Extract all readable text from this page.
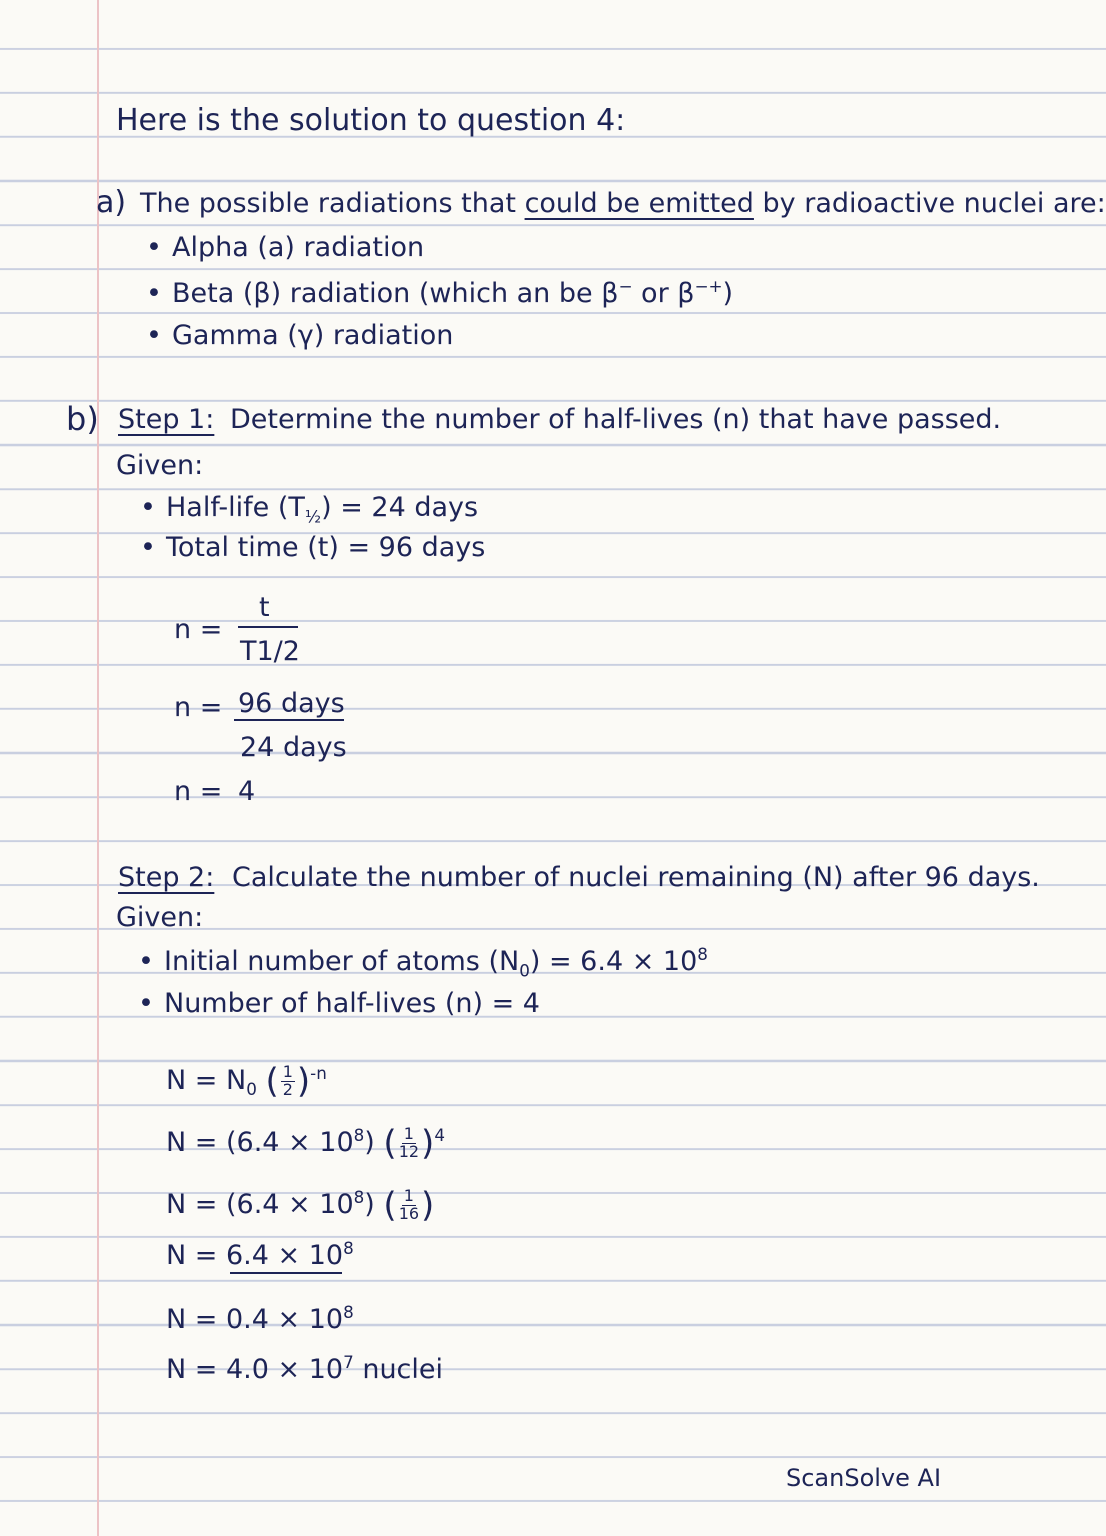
Here is the solution to question 4:
a) The possible radiations that could be emitted by radioactive nuclei are:
• Alpha (a) radiation
• Beta (β) radiation (which an be β− or β−+)
• Gamma (γ) radiation
b) Step 1: Determine the number of half-lives (n) that have passed.
Given:
• Half-life $(T_{\frac{1}{2}}) = 24$ days
• Total time (t) = 96 days
n =
t
T1/2
n = 96 days
24 days
n = 4
Step 2: Calculate the number of nuclei remaining (N) after 96 days.
Given:
• Initial number of atoms $(N_0) = 6.4 \times 10^8$
• Number of half-lives (n) = 4
$N = N_0$ ( $\frac{1}{2} )^{-n}$
$N = (6.4 \times 10^8)$ ( $\frac{1}{12} )^4$
$N = (6.4 \times 10^8)$ ( $\frac{1}{16}$ )
$N = 6.4 \times 10^8$
$N = 0.4 \times 10^8$
$N = 4.0 \times 10^7$ nuclei
ScanSolve AI
